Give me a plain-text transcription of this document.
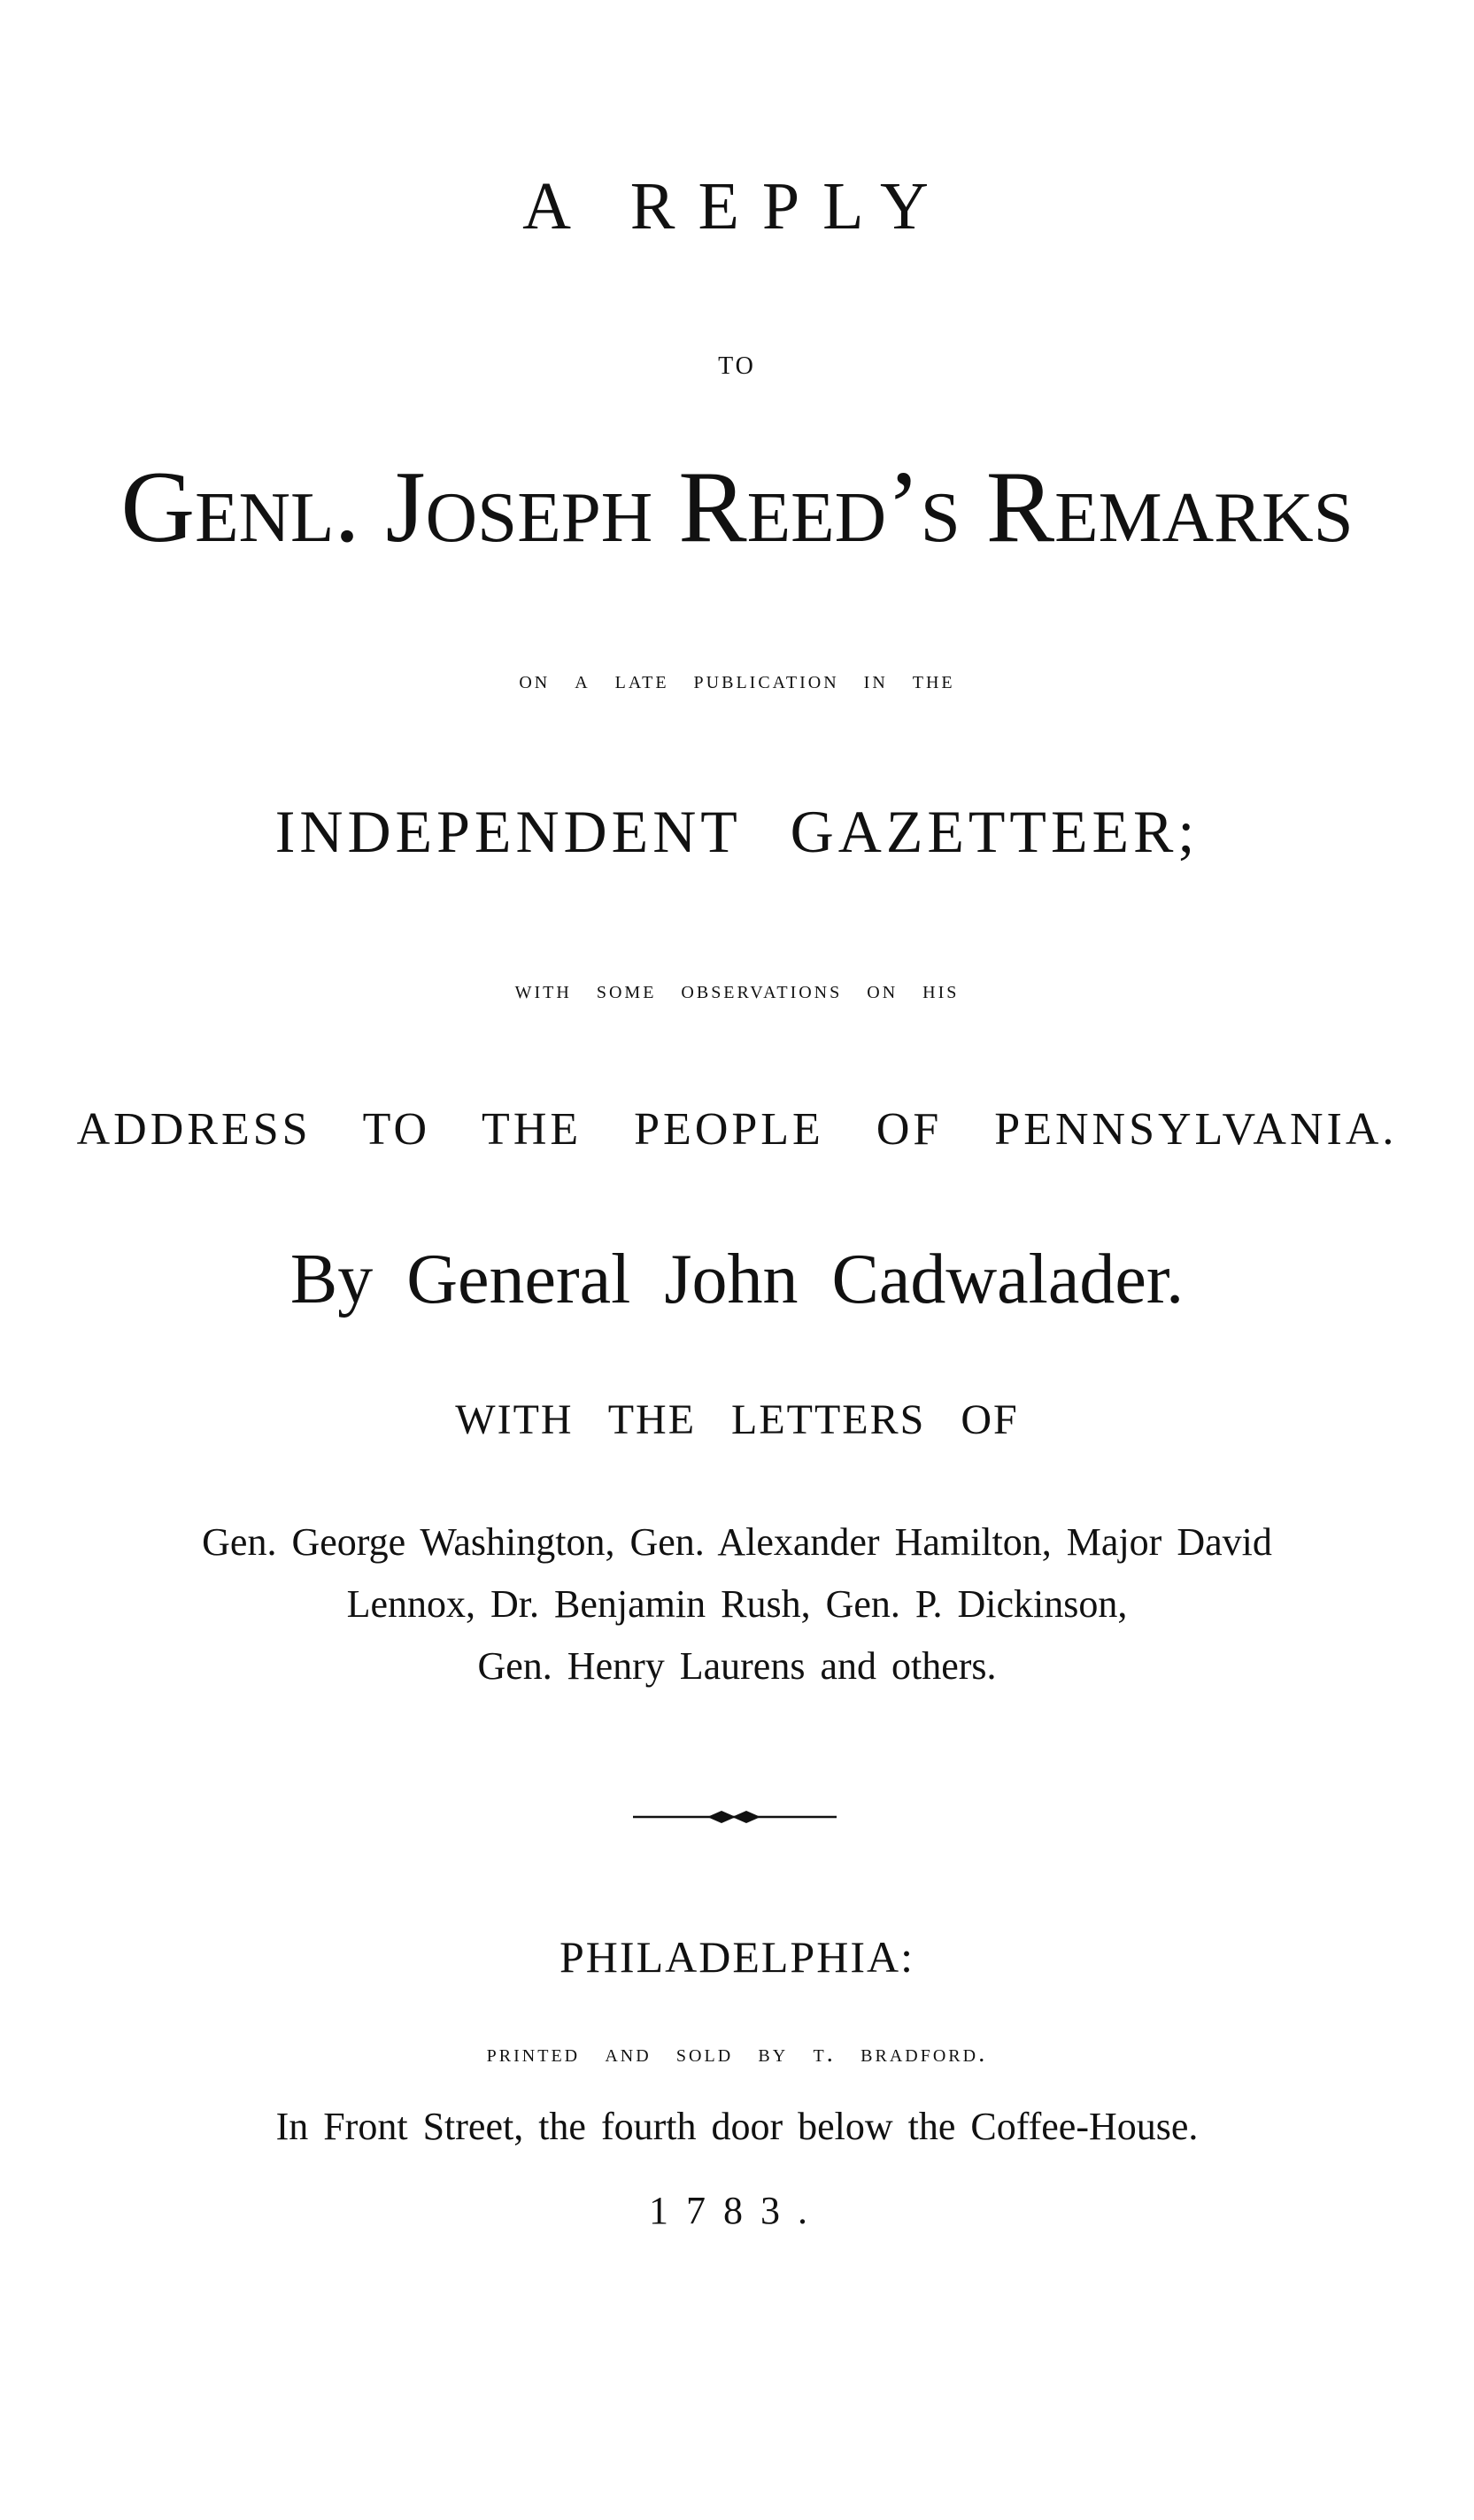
A REPLY
TO
Genl. Joseph Reed’s Remarks
on a late publication in the
INDEPENDENT GAZETTEER;
with some observations on his
ADDRESS TO THE PEOPLE OF PENNSYLVANIA.
By General John Cadwalader.
WITH THE LETTERS OF
Gen. George Washington, Gen. Alexander Hamilton, Major David
Lennox, Dr. Benjamin Rush, Gen. P. Dickinson,
Gen. Henry Laurens and others.
PHILADELPHIA:
printed and sold by t. bradford.
In Front Street, the fourth door below the Coffee-House.
1783.
